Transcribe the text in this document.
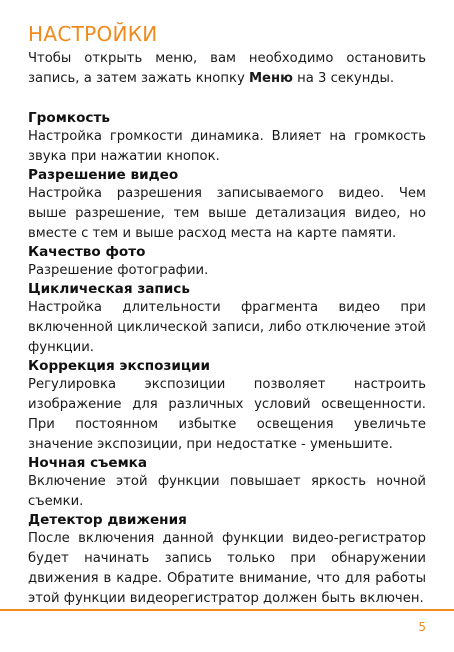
НАСТРОЙКИ

Чтобы открыть меню, вам необходимо остановить запись, а затем зажать кнопку Меню на 3 секунды.

Громкость

Настройка громкости динамика. Влияет на громкость звука при нажатии кнопок.

Разрешение видео

Настройка разрешения записываемого видео. Чем выше разрешение, тем выше детализация видео, но вместе с тем и выше расход места на карте памяти.

Качество фото

Разрешение фотографии.

Циклическая запись

Настройка длительности фрагмента видео при включенной циклической записи, либо отключение этой функции.

Коррекция экспозиции

Регулировка экспозиции позволяет настроить изображение для различных условий освещенности. При постоянном избытке освещения увеличьте значение экспозиции, при недостатке - уменьшите.

Ночная съемка

Включение этой функции повышает яркость ночной съемки.

Детектор движения

После включения данной функции видео-регистратор будет начинать запись только при обнаружении движения в кадре. Обратите внимание, что для работы этой функции видеорегистратор должен быть включен.

5
